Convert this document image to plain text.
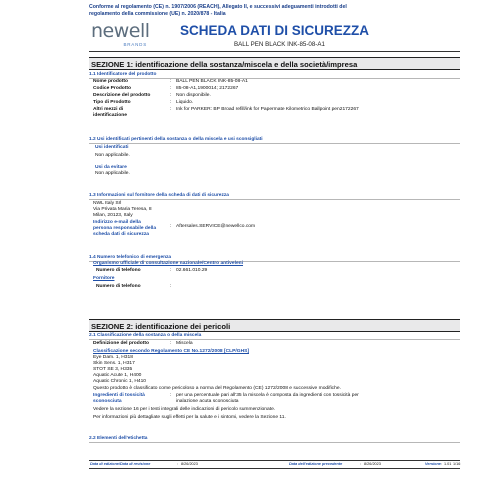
Conforme al regolamento (CE) n. 1907/2006 (REACH), Allegato II, e successivi adeguamenti introdotti del
regolamento della commissione (UE) n. 2020/878 - Italia
newell
BRANDS
SCHEDA DATI DI SICUREZZA
BALL PEN BLACK INK-85-08-A1
SEZIONE 1: identificazione della sostanza/miscela e della società/impresa
1.1 Identificatore del prodotto
Nome prodotto	: BALL PEN BLACK INK-85-08-A1
Codice Prodotto	: 85-08-A1,1900014; 2172267
Descrizione del prodotto	: Non disponibile.
Tipo di Prodotto	: Liquido.
Altri mezzi di
identificazione
: Ink for PARKER: BP Broad refill/ink for Papermate Kilometrico Ballpoint pen2172267
1.2 Usi identificati pertinenti della sostanza o della miscela e usi sconsigliati
Usi identificati
Non applicabile.
Usi da evitare
Non applicabile.
1.3 Informazioni sul fornitore della scheda di dati di sicurezza
NWL Italy Srl
Via Privata Maria Teresa, 8
Milan, 20123, Italy
Indirizzo e-mail della
persona responsabile della
scheda dati di sicurezza
: Aftersales.SERVICE@newellco.com
1.4 Numero telefonico di emergenza
Organismo ufficiale di consultazione nazionale/Centro antiveleni
Numero di telefono	: 02.661.010.29
Fornitore
Numero di telefono	:
SEZIONE 2: identificazione dei pericoli
2.1 Classificazione della sostanza o della miscela
Definizione del prodotto	: Miscela
Classificazione secondo Regolamento CE No.1272/2008 [CLP/GHS]
Eye Dam. 1, H318
Skin Sens. 1, H317
STOT SE 3, H335
Aquatic Acute 1, H400
Aquatic Chronic 1, H410
Questo prodotto è classificato come pericoloso a norma del Regolamento (CE) 1272/2008 e successive modifiche.
Ingredienti di tossicità
sconosciuta
: per una percentuale pari all'35 la miscela è composta da ingredienti con tossicità per
inalazione acuta sconosciuta
Vedere la sezione 16 per i testi integrali delle indicazioni di pericolo summenzionate.
Per informazioni più dettagliate sugli effetti per la salute e i sintomi, vedere la Sezione 11.
2.2 Elementi dell'etichetta
Data di edizione/Data di revisione	: 8/26/2023	Data dell'edizione precedente	: 8/26/2023	Versione : 1.01 1/16
